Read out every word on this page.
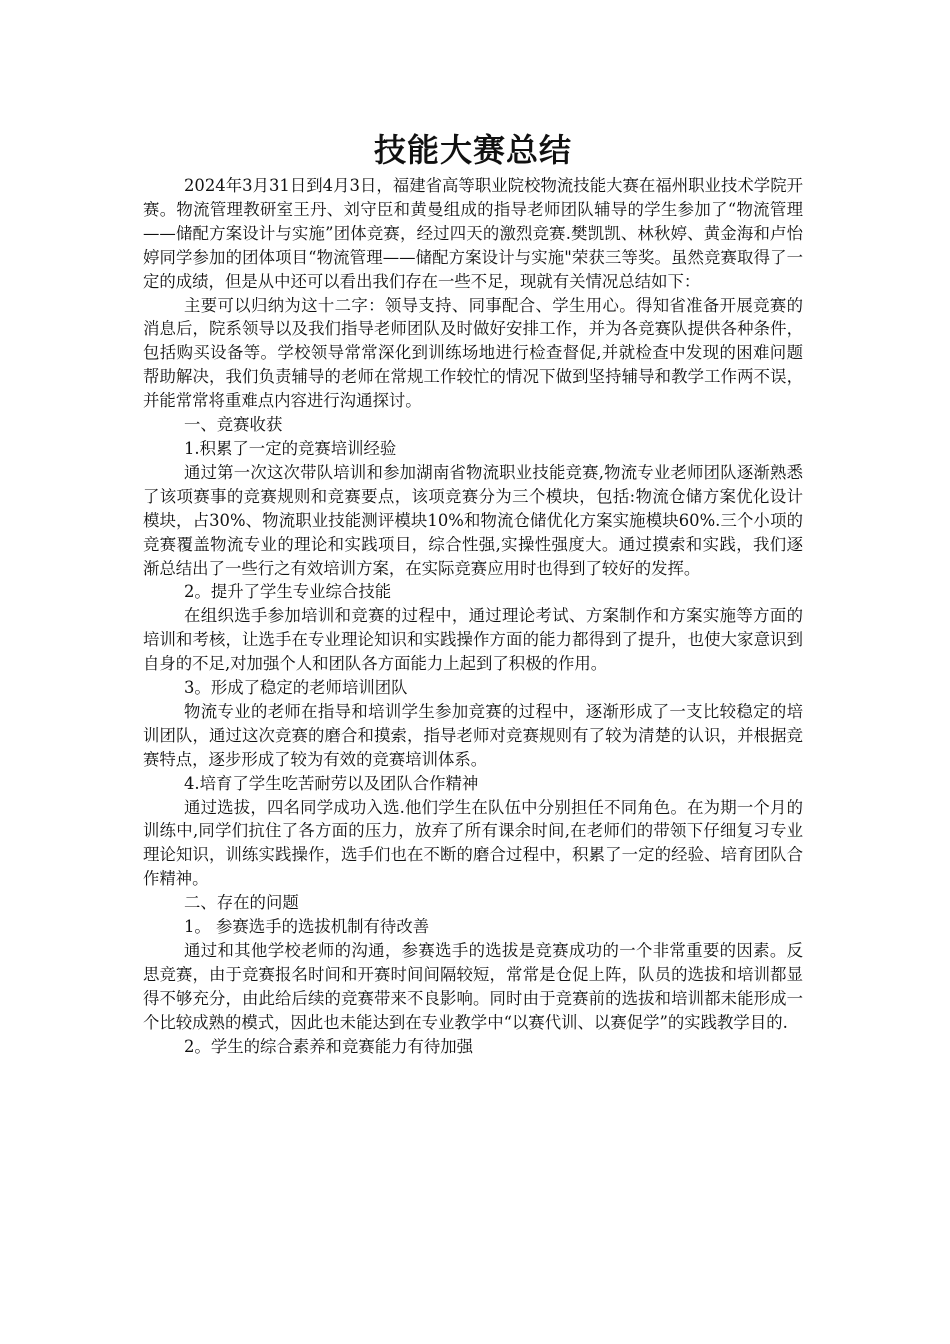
技能大赛总结
2024年3月31日到4月3日，福建省高等职业院校物流技能大赛在福州职业技术学院开赛。物流管理教研室王丹、刘守臣和黄曼组成的指导老师团队辅导的学生参加了“物流管理——储配方案设计与实施”团体竞赛，经过四天的激烈竞赛.樊凯凯、林秋婷、黄金海和卢怡婷同学参加的团体项目“物流管理——储配方案设计与实施"荣获三等奖。虽然竞赛取得了一定的成绩，但是从中还可以看出我们存在一些不足，现就有关情况总结如下：
主要可以归纳为这十二字：领导支持、同事配合、学生用心。得知省准备开展竞赛的消息后，院系领导以及我们指导老师团队及时做好安排工作，并为各竞赛队提供各种条件，包括购买设备等。学校领导常常深化到训练场地进行检查督促,并就检查中发现的困难问题帮助解决，我们负责辅导的老师在常规工作较忙的情况下做到坚持辅导和教学工作两不误，并能常常将重难点内容进行沟通探讨。
一、竞赛收获
1.积累了一定的竞赛培训经验
通过第一次这次带队培训和参加湖南省物流职业技能竞赛,物流专业老师团队逐渐熟悉了该项赛事的竞赛规则和竞赛要点，该项竞赛分为三个模块，包括:物流仓储方案优化设计模块，占30%、物流职业技能测评模块10%和物流仓储优化方案实施模块60%.三个小项的竞赛覆盖物流专业的理论和实践项目，综合性强,实操性强度大。通过摸索和实践，我们逐渐总结出了一些行之有效培训方案，在实际竞赛应用时也得到了较好的发挥。
2。提升了学生专业综合技能
在组织选手参加培训和竞赛的过程中，通过理论考试、方案制作和方案实施等方面的培训和考核，让选手在专业理论知识和实践操作方面的能力都得到了提升，也使大家意识到自身的不足,对加强个人和团队各方面能力上起到了积极的作用。
3。形成了稳定的老师培训团队
物流专业的老师在指导和培训学生参加竞赛的过程中，逐渐形成了一支比较稳定的培训团队，通过这次竞赛的磨合和摸索，指导老师对竞赛规则有了较为清楚的认识，并根据竞赛特点，逐步形成了较为有效的竞赛培训体系。
4.培育了学生吃苦耐劳以及团队合作精神
通过选拔，四名同学成功入选.他们学生在队伍中分别担任不同角色。在为期一个月的训练中,同学们抗住了各方面的压力，放弃了所有课余时间,在老师们的带领下仔细复习专业理论知识，训练实践操作，选手们也在不断的磨合过程中，积累了一定的经验、培育团队合作精神。
二、存在的问题
1。 参赛选手的选拔机制有待改善
通过和其他学校老师的沟通，参赛选手的选拔是竞赛成功的一个非常重要的因素。反思竞赛，由于竞赛报名时间和开赛时间间隔较短，常常是仓促上阵，队员的选拔和培训都显得不够充分，由此给后续的竞赛带来不良影响。同时由于竞赛前的选拔和培训都未能形成一个比较成熟的模式，因此也未能达到在专业教学中“以赛代训、以赛促学”的实践教学目的.
2。学生的综合素养和竞赛能力有待加强
